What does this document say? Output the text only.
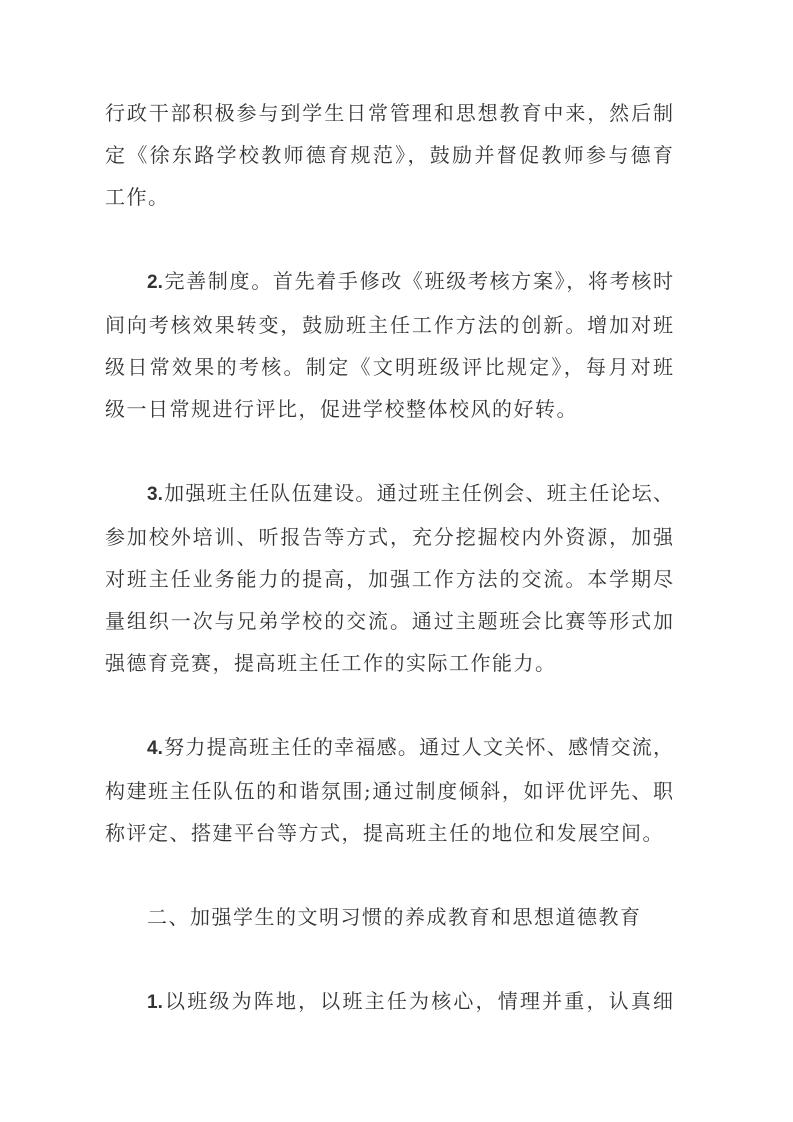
行政干部积极参与到学生日常管理和思想教育中来，然后制
定《徐东路学校教师德育规范》，鼓励并督促教师参与德育
工作。
2.完善制度。首先着手修改《班级考核方案》，将考核时
间向考核效果转变，鼓励班主任工作方法的创新。增加对班
级日常效果的考核。制定《文明班级评比规定》，每月对班
级一日常规进行评比，促进学校整体校风的好转。
3.加强班主任队伍建设。通过班主任例会、班主任论坛、
参加校外培训、听报告等方式，充分挖掘校内外资源，加强
对班主任业务能力的提高，加强工作方法的交流。本学期尽
量组织一次与兄弟学校的交流。通过主题班会比赛等形式加
强德育竞赛，提高班主任工作的实际工作能力。
4.努力提高班主任的幸福感。通过人文关怀、感情交流，
构建班主任队伍的和谐氛围;通过制度倾斜，如评优评先、职
称评定、搭建平台等方式，提高班主任的地位和发展空间。
二、加强学生的文明习惯的养成教育和思想道德教育
1.以班级为阵地，以班主任为核心，情理并重，认真细
